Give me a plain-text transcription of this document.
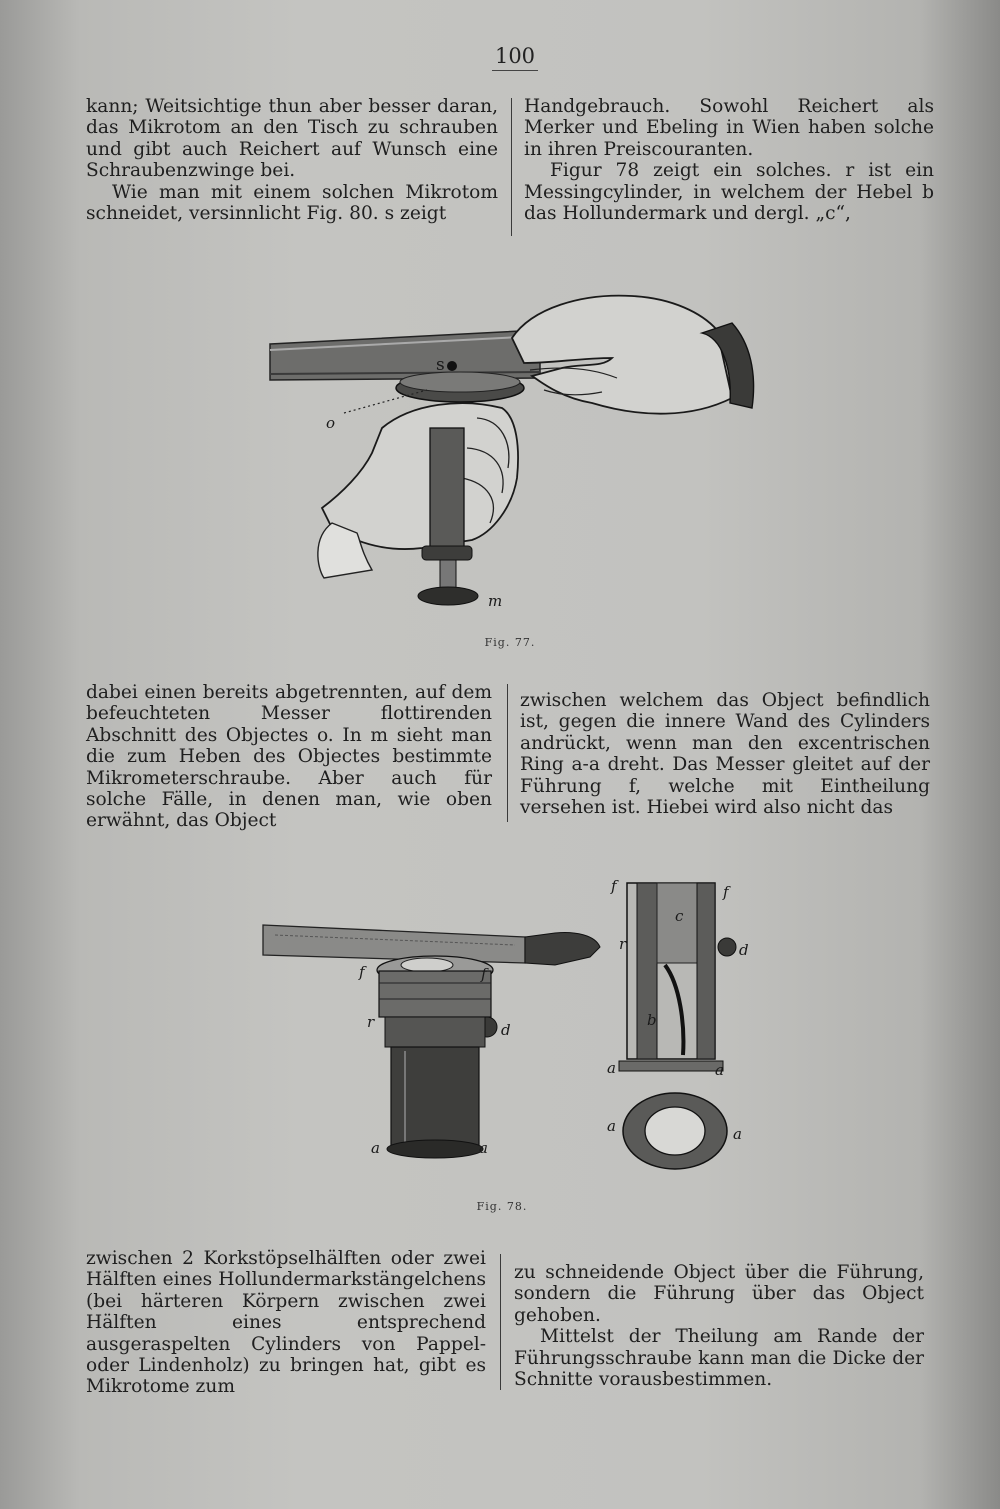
100

kann; Weitsichtige thun aber besser daran, das Mikrotom an den Tisch zu schrauben und gibt auch Reichert auf Wunsch eine Schraubenzwinge bei.

Wie man mit einem solchen Mikrotom schneidet, versinnlicht Fig. 80. s zeigt

Handgebrauch. Sowohl Reichert als Merker und Ebeling in Wien haben solche in ihren Preiscouranten.

Figur 78 zeigt ein solches. r ist ein Messingcylinder, in welchem der Hebel b das Hollundermark und dergl. „c“,

s
o
m
Fig. 77.

dabei einen bereits abgetrennten, auf dem befeuchteten Messer flottirenden Abschnitt des Objectes o. In m sieht man die zum Heben des Objectes bestimmte Mikrometerschraube. Aber auch für solche Fälle, in denen man, wie oben erwähnt, das Object

zwischen welchem das Object befindlich ist, gegen die innere Wand des Cylinders andrückt, wenn man den excentrischen Ring a-a dreht. Das Messer gleitet auf der Führung f, welche mit Eintheilung versehen ist. Hiebei wird also nicht das

f	f
r	d
a	a
f	f
c
r	d
b
a	a
a	a
Fig. 78.

zwischen 2 Korkstöpselhälften oder zwei Hälften eines Hollundermarkstängelchens (bei härteren Körpern zwischen zwei Hälften eines entsprechend ausgeraspelten Cylinders von Pappel- oder Lindenholz) zu bringen hat, gibt es Mikrotome zum

zu schneidende Object über die Führung, sondern die Führung über das Object gehoben.

Mittelst der Theilung am Rande der Führungsschraube kann man die Dicke der Schnitte vorausbestimmen.
